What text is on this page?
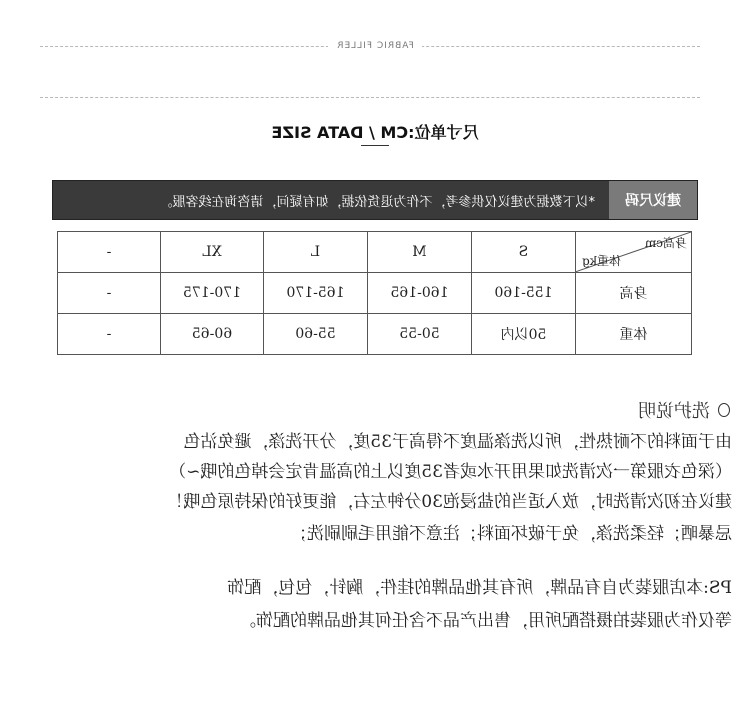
FABRIC FILLER
尺寸单位:CM / DATA SIZE
建议尺码
*以下数据为建议仅供参考，不作为退货依据，如有疑问，请咨询在线客服。
身高cm
体重kg	S	M	L	XL	-
身高	155-160	160-165	165-170	170-175	-
体重	50以内	50-55	55-60	60-65	-
洗护说明
由于面料的不耐热性，所以洗涤温度不得高于35度，分开洗涤，避免沾色
（深色衣服第一次清洗如果用开水或者35度以上的高温肯定会掉色的哦~）
建议在初次清洗时，放入适当的盐浸泡30分钟左右，能更好的保持原色哦！
忌暴晒；轻柔洗涤，免于破坏面料；注意不能用毛刷刷洗；
PS:本店服装为自有品牌，所有其他品牌的挂件，胸针，包包，配饰
等仅作为服装拍摄搭配所用，售出产品不含任何其他品牌的配饰。
